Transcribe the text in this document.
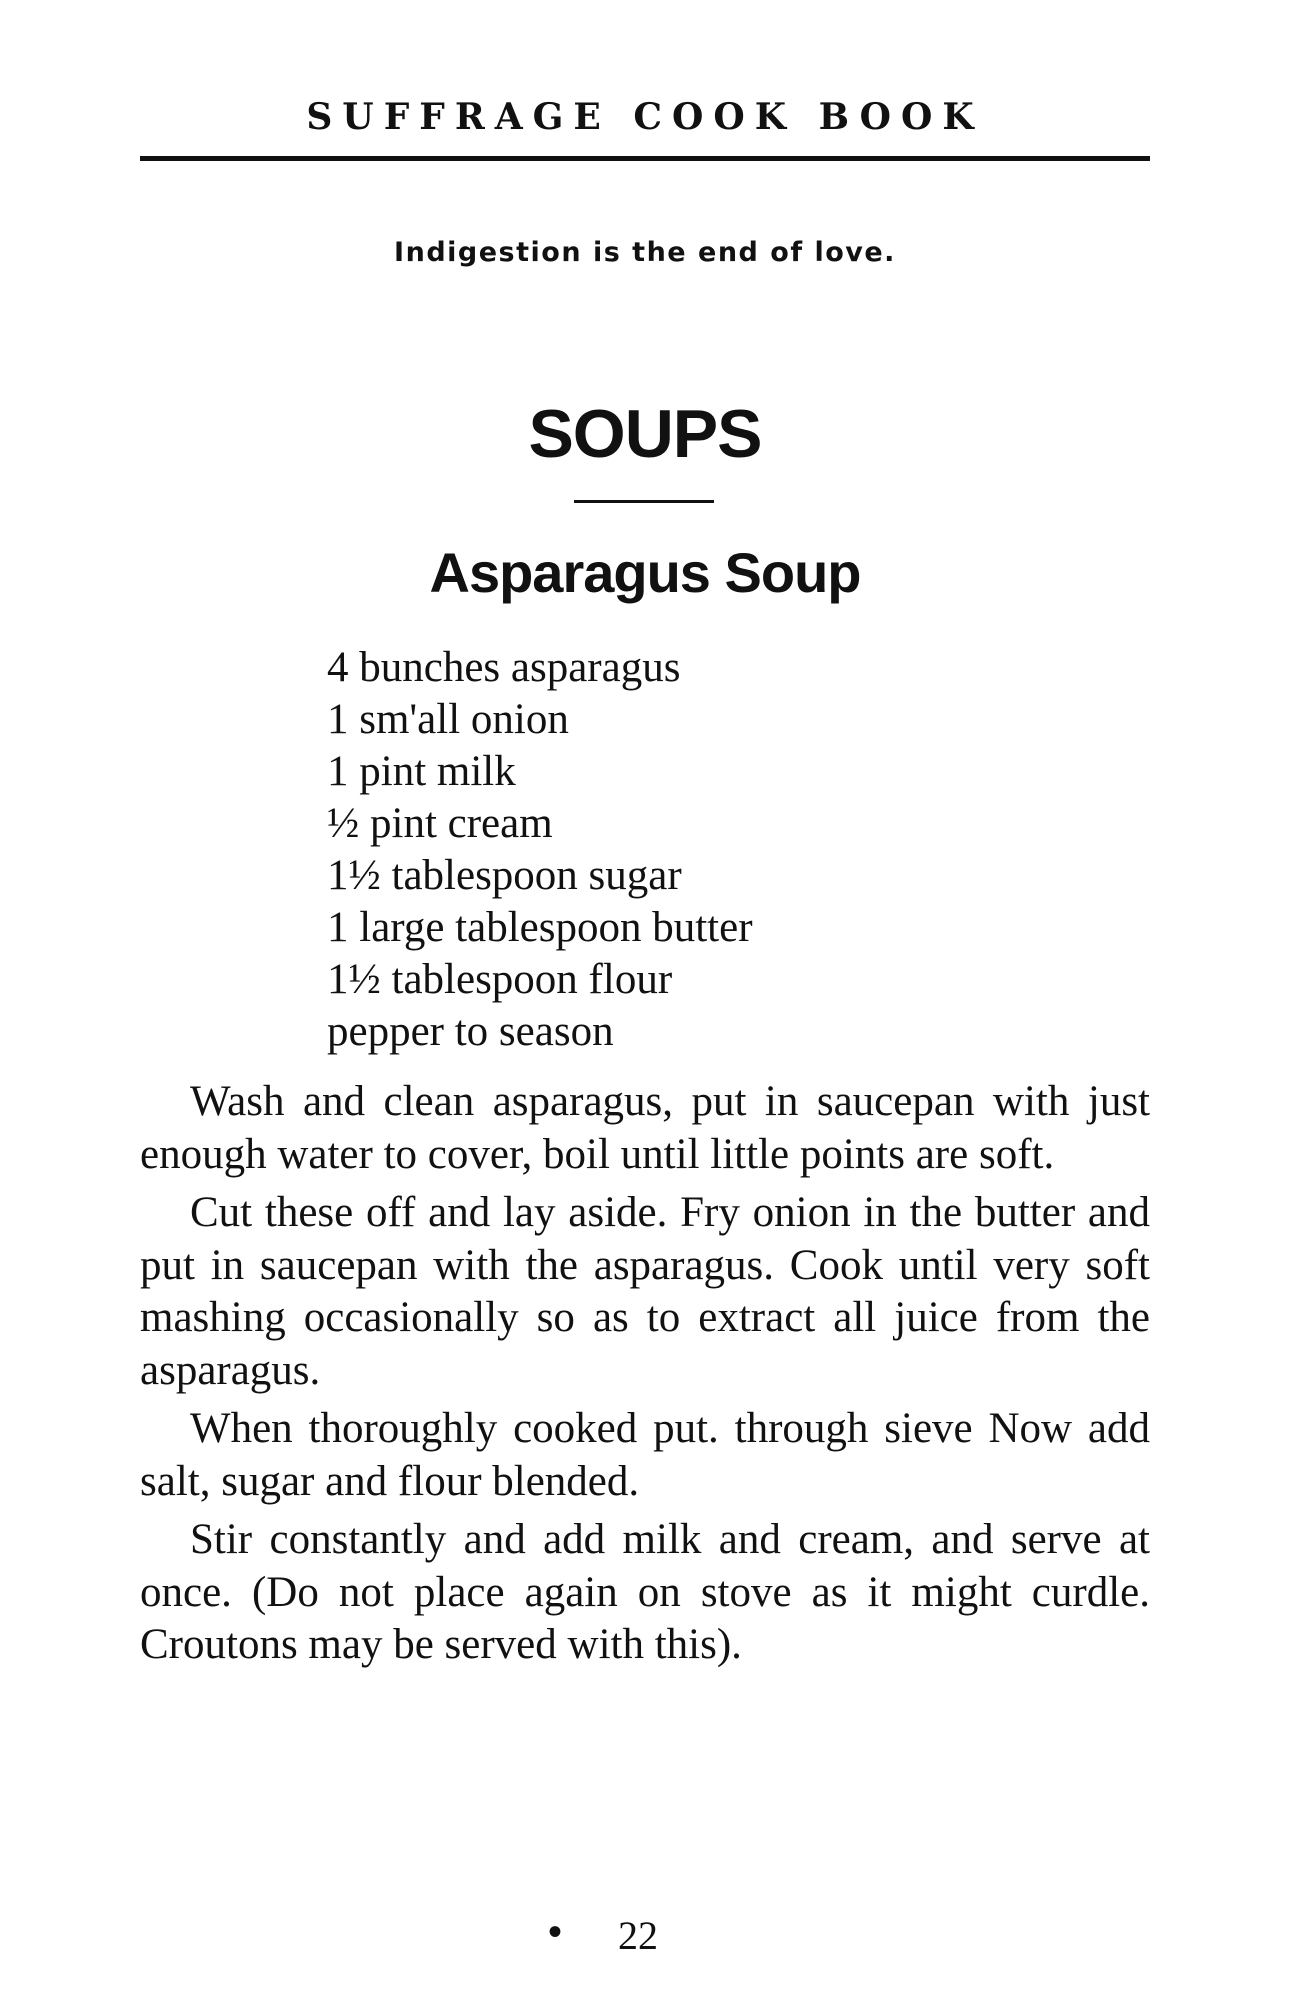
SUFFRAGE COOK BOOK
Indigestion is the end of love.
SOUPS
Asparagus Soup
4 bunches asparagus
1 sm'all onion
1 pint milk
½ pint cream
1½ tablespoon sugar
1 large tablespoon butter
1½ tablespoon flour
pepper to season

Wash and clean asparagus, put in saucepan with just enough water to cover, boil until little points are soft.

Cut these off and lay aside. Fry onion in the butter and put in saucepan with the asparagus. Cook until very soft mashing occasionally so as to extract all juice from the asparagus.

When thoroughly cooked put. through sieve Now add salt, sugar and flour blended.

Stir constantly and add milk and cream, and serve at once. (Do not place again on stove as it might curdle. Croutons may be served with this).

• 22
